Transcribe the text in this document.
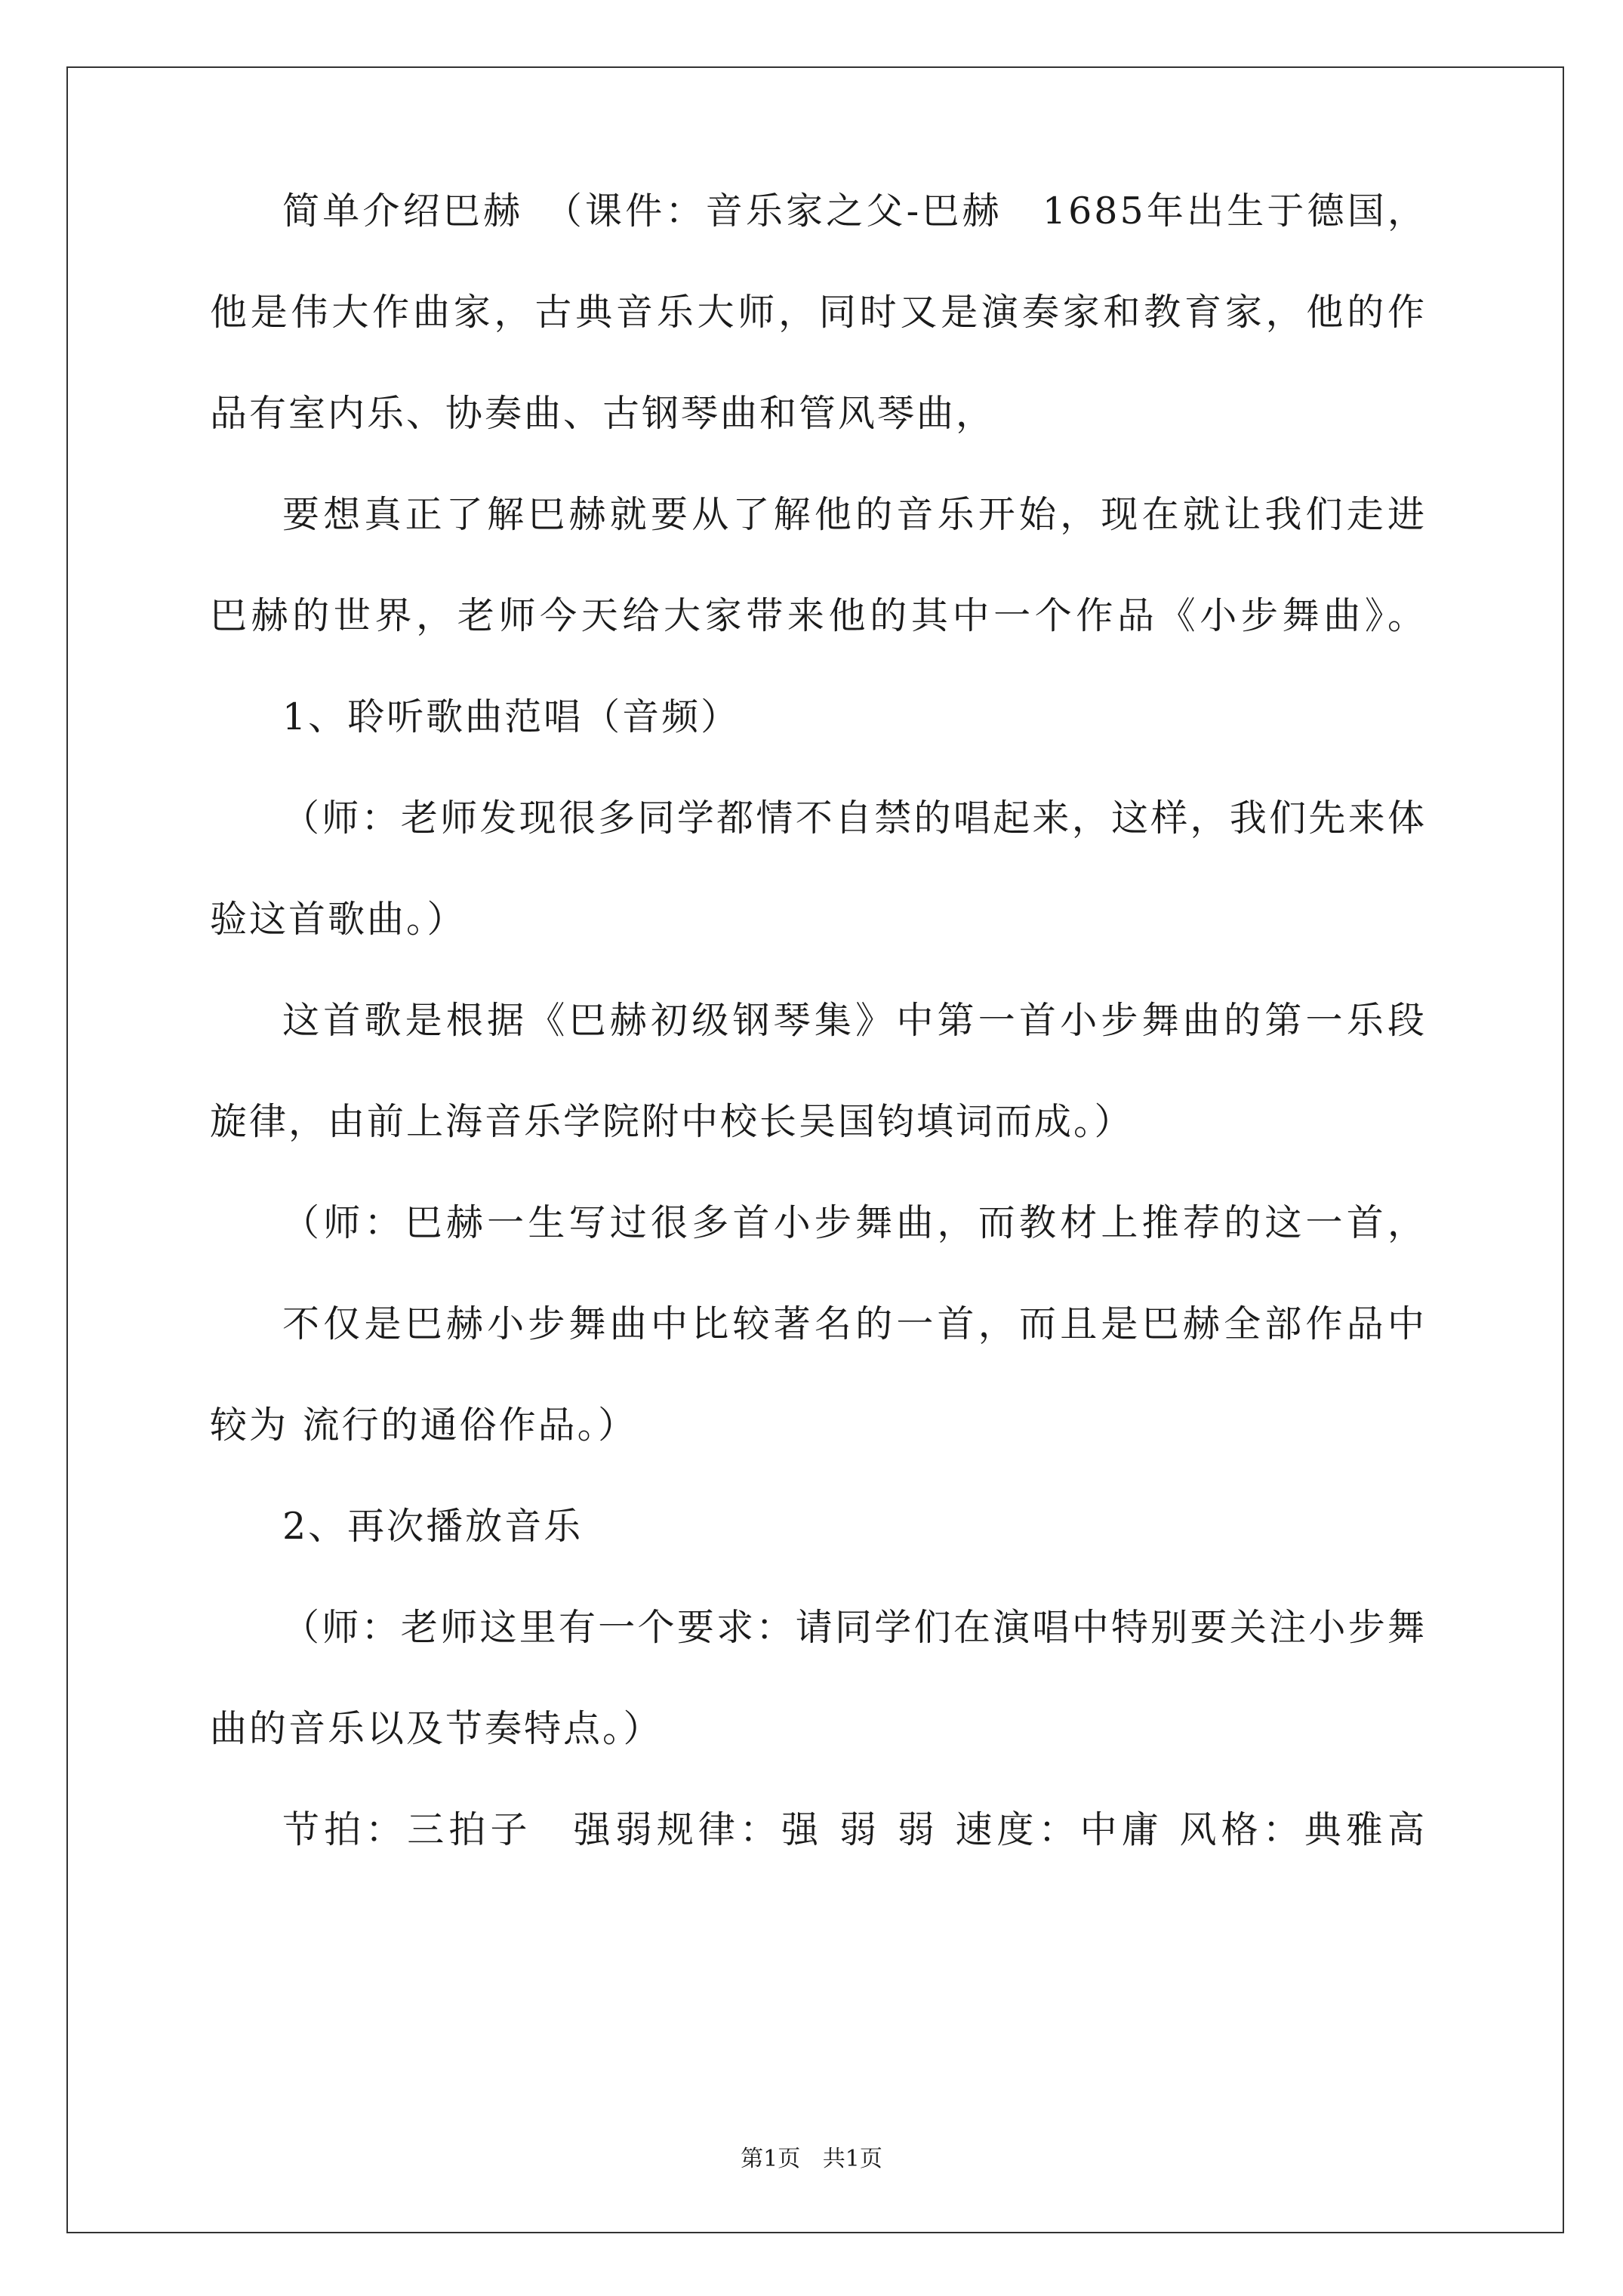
简单介绍巴赫　（课件：音乐家之父-巴赫　1685年出生于德国，
他是伟大作曲家，古典音乐大师，同时又是演奏家和教育家，他的作
品有室内乐、协奏曲、古钢琴曲和管风琴曲，
要想真正了解巴赫就要从了解他的音乐开始，现在就让我们走进
巴赫的世界，老师今天给大家带来他的其中一个作品《小步舞曲》。
1、聆听歌曲范唱（音频）
（师：老师发现很多同学都情不自禁的唱起来，这样，我们先来体
验这首歌曲。）
这首歌是根据《巴赫初级钢琴集》中第一首小步舞曲的第一乐段
旋律，由前上海音乐学院附中校长吴国钧填词而成。）
（师：巴赫一生写过很多首小步舞曲，而教材上推荐的这一首，
不仅是巴赫小步舞曲中比较著名的一首，而且是巴赫全部作品中
较为 流行的通俗作品。）
2、再次播放音乐
（师：老师这里有一个要求：请同学们在演唱中特别要关注小步舞
曲的音乐以及节奏特点。）
节拍：三拍子　强弱规律：强 弱 弱 速度：中庸 风格：典雅高
第1页 共1页
